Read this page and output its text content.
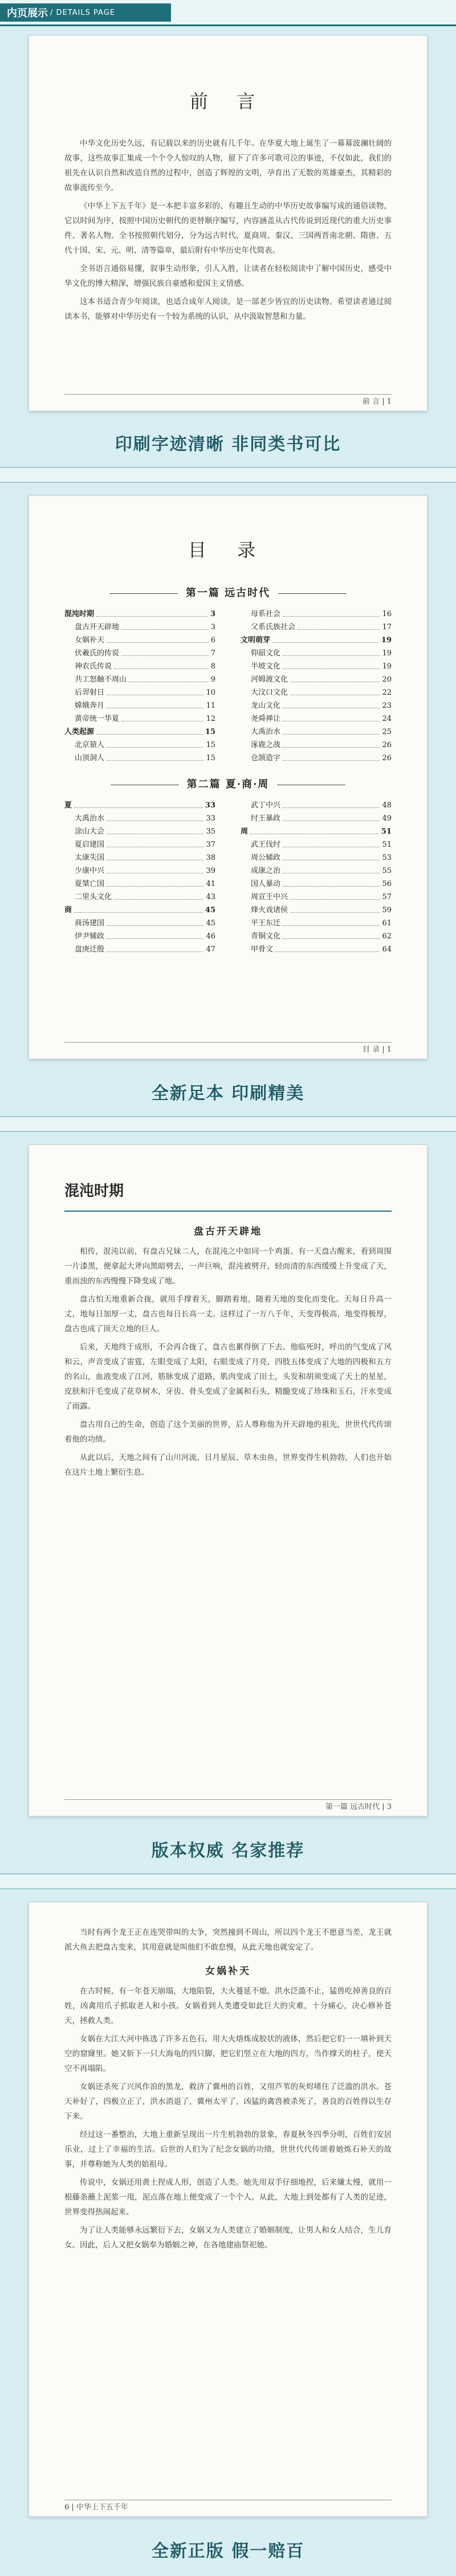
内页展示 / DETAILS PAGE
前 言

中华文化历史久远，有记载以来的历史就有几千年。在华夏大地上诞生了一幕幕波澜壮阔的故事，这些故事汇集成一个个令人惊叹的人物，留下了许多可歌可泣的事迹，不仅如此，我们的祖先在认识自然和改造自然的过程中，创造了辉煌的文明，孕育出了无数的英雄豪杰，其精彩的故事流传至今。

《中华上下五千年》是一本把丰富多彩的、有趣且生动的中华历史故事编写成的通俗读物，它以时间为序，按照中国历史朝代的更替顺序编写，内容涵盖从古代传说到近现代的重大历史事件、著名人物。全书按照朝代划分，分为远古时代、夏商周、秦汉、三国两晋南北朝、隋唐、五代十国、宋、元、明、清等篇章，最后附有中华历史年代简表。

全书语言通俗易懂，叙事生动形象，引人入胜，让读者在轻松阅读中了解中国历史，感受中华文化的博大精深，增强民族自豪感和爱国主义情感。

这本书适合青少年阅读，也适合成年人阅读，是一部老少皆宜的历史读物。希望读者通过阅读本书，能够对中华历史有一个较为系统的认识，从中汲取智慧和力量。

前 言 | 1
印刷字迹清晰 非同类书可比
目 录
第一篇 远古时代
混沌时期	3
盘古开天辟地	3
女娲补天	6
伏羲氏的传说	7
神农氏传说	8
共工怒触不周山	9
后羿射日	10
嫦娥奔月	11
黄帝统一华夏	12
人类起源	15
北京猿人	15
山顶洞人	15
母系社会	16
父系氏族社会	17
文明萌芽	19
仰韶文化	19
半坡文化	19
河姆渡文化	20
大汶口文化	22
龙山文化	23
尧舜禅让	24
大禹治水	25
涿鹿之战	26
仓颉造字	26
第二篇 夏·商·周
夏	33
大禹治水	33
涂山大会	35
夏启建国	37
太康失国	38
少康中兴	39
夏桀亡国	41
二里头文化	43
商	45
商汤建国	45
伊尹辅政	46
盘庚迁殷	47
武丁中兴	48
纣王暴政	49
周	51
武王伐纣	51
周公辅政	53
成康之治	55
国人暴动	56
周宣王中兴	57
烽火戏诸侯	59
平王东迁	61
青铜文化	62
甲骨文	64
目 录 | 1
全新足本 印刷精美
混沌时期
盘古开天辟地

相传，混沌以前，有盘古兄妹二人，在混沌之中如同一个鸡蛋。有一天盘古醒来，看到周围一片漆黑，便拿起大斧向黑暗劈去，一声巨响，混沌被劈开，轻而清的东西缓缓上升变成了天，重而浊的东西慢慢下降变成了地。

盘古怕天地重新合拢，就用手撑着天，脚踏着地，随着天地的变化而变化。天每日升高一丈，地每日加厚一丈，盘古也每日长高一丈。这样过了一万八千年，天变得极高，地变得极厚，盘古也成了顶天立地的巨人。

后来，天地终于成形，不会再合拢了，盘古也累得倒了下去。他临死时，呼出的气变成了风和云，声音变成了雷霆，左眼变成了太阳，右眼变成了月亮，四肢五体变成了大地的四极和五方的名山，血液变成了江河，筋脉变成了道路，肌肉变成了田土，头发和胡须变成了天上的星星，皮肤和汗毛变成了花草树木，牙齿、骨头变成了金属和石头，精髓变成了珍珠和玉石，汗水变成了雨露。

盘古用自己的生命，创造了这个美丽的世界，后人尊称他为开天辟地的祖先，世世代代传颂着他的功绩。

从此以后，天地之间有了山川河流、日月星辰、草木虫鱼，世界变得生机勃勃，人们也开始在这片土地上繁衍生息。

第一篇 远古时代 | 3
版本权威 名家推荐

当时有两个龙王正在连哭带叫的大争，突然撞到不周山，所以四个龙王不愿意当差，龙王就派大鱼去把盘古变来，其用意就是叫他们不敢怠慢，从此天地也就安定了。

女娲补天

在古时候，有一年苍天崩塌，大地陷裂，大火蔓延不熄，洪水泛滥不止，猛兽吃掉善良的百姓，凶禽用爪子抓取老人和小孩。女娲看到人类遭受如此巨大的灾难，十分痛心，决心修补苍天，拯救人类。

女娲在大江大河中拣选了许多五色石，用大火熔炼成胶状的液体，然后把它们一一填补到天空的窟窿里。她又斩下一只大海龟的四只脚，把它们竖立在大地的四方，当作撑天的柱子，使天空不再塌陷。

女娲还杀死了兴风作浪的黑龙，救济了冀州的百姓，又用芦苇的灰烬堵住了泛滥的洪水。苍天补好了，四极立正了，洪水消退了，冀州太平了，凶猛的禽兽被杀死了，善良的百姓得以生存下来。

经过这一番整治，大地上重新呈现出一片生机勃勃的景象，春夏秋冬四季分明，百姓们安居乐业，过上了幸福的生活。后世的人们为了纪念女娲的功绩，世世代代传颂着她炼石补天的故事，并尊称她为人类的始祖母。

传说中，女娲还用黄土捏成人形，创造了人类。她先用双手仔细地捏，后来嫌太慢，就用一根藤条蘸上泥浆一甩，泥点落在地上便变成了一个个人。从此，大地上到处都有了人类的足迹，世界变得热闹起来。

为了让人类能够永远繁衍下去，女娲又为人类建立了婚姻制度，让男人和女人结合，生儿育女。因此，后人又把女娲奉为婚姻之神，在各地建庙祭祀她。

6 | 中华上下五千年
全新正版 假一赔百
